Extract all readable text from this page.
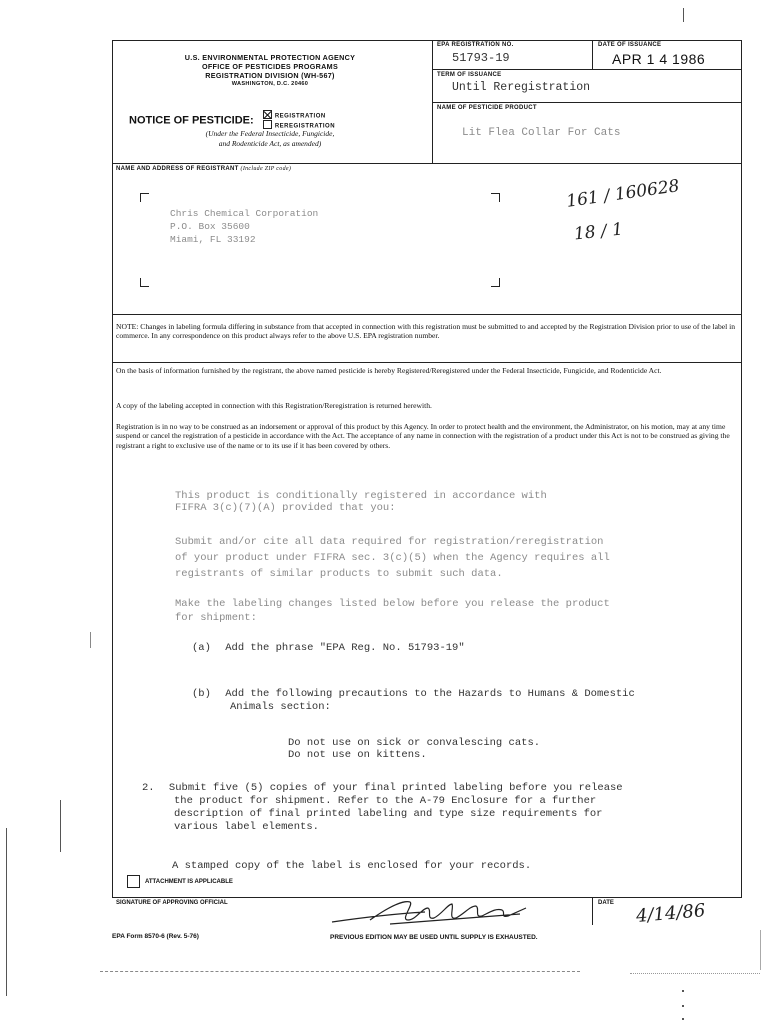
U.S. ENVIRONMENTAL PROTECTION AGENCY
OFFICE OF PESTICIDES PROGRAMS
REGISTRATION DIVISION (WH-567)
WASHINGTON, D.C. 20460
NOTICE OF PESTICIDE:	REGISTRATION
REREGISTRATION
(Under the Federal Insecticide, Fungicide,
and Rodenticide Act, as amended)
EPA REGISTRATION NO.
51793-19
DATE OF ISSUANCE
APR 1 4 1986
TERM OF ISSUANCE
Until Reregistration
NAME OF PESTICIDE PRODUCT
Lit Flea Collar For Cats
NAME AND ADDRESS OF REGISTRANT (Include ZIP code)
Chris Chemical Corporation
P.O. Box 35600
Miami, FL 33192
161 / 160628
18 / 1
NOTE: Changes in labeling formula differing in substance from that accepted in connection with this registration must be submitted to and accepted by the Registration Division prior to use of the label in commerce. In any correspondence on this product always refer to the above U.S. EPA registration number.
On the basis of information furnished by the registrant, the above named pesticide is hereby Registered/Reregistered under the Federal Insecticide, Fungicide, and Rodenticide Act.
A copy of the labeling accepted in connection with this Registration/Reregistration is returned herewith.
Registration is in no way to be construed as an indorsement or approval of this product by this Agency. In order to protect health and the environment, the Administrator, on his motion, may at any time suspend or cancel the registration of a pesticide in accordance with the Act. The acceptance of any name in connection with the registration of a product under this Act is not to be construed as giving the registrant a right to exclusive use of the name or to its use if it has been covered by others.
This product is conditionally registered in accordance with
FIFRA 3(c)(7)(A) provided that you:
Submit and/or cite all data required for registration/reregistration
of your product under FIFRA sec. 3(c)(5) when the Agency requires all
registrants of similar products to submit such data.
Make the labeling changes listed below before you release the product
for shipment:
(a) Add the phrase "EPA Reg. No. 51793-19"
(b) Add the following precautions to the Hazards to Humans & Domestic
Animals section:
Do not use on sick or convalescing cats.
Do not use on kittens.
2. Submit five (5) copies of your final printed labeling before you release
the product for shipment. Refer to the A-79 Enclosure for a further
description of final printed labeling and type size requirements for
various label elements.
A stamped copy of the label is enclosed for your records.
ATTACHMENT IS APPLICABLE
SIGNATURE OF APPROVING OFFICIAL	DATE 4/14/86
EPA Form 8570-6 (Rev. 5-76)	PREVIOUS EDITION MAY BE USED UNTIL SUPPLY IS EXHAUSTED.
